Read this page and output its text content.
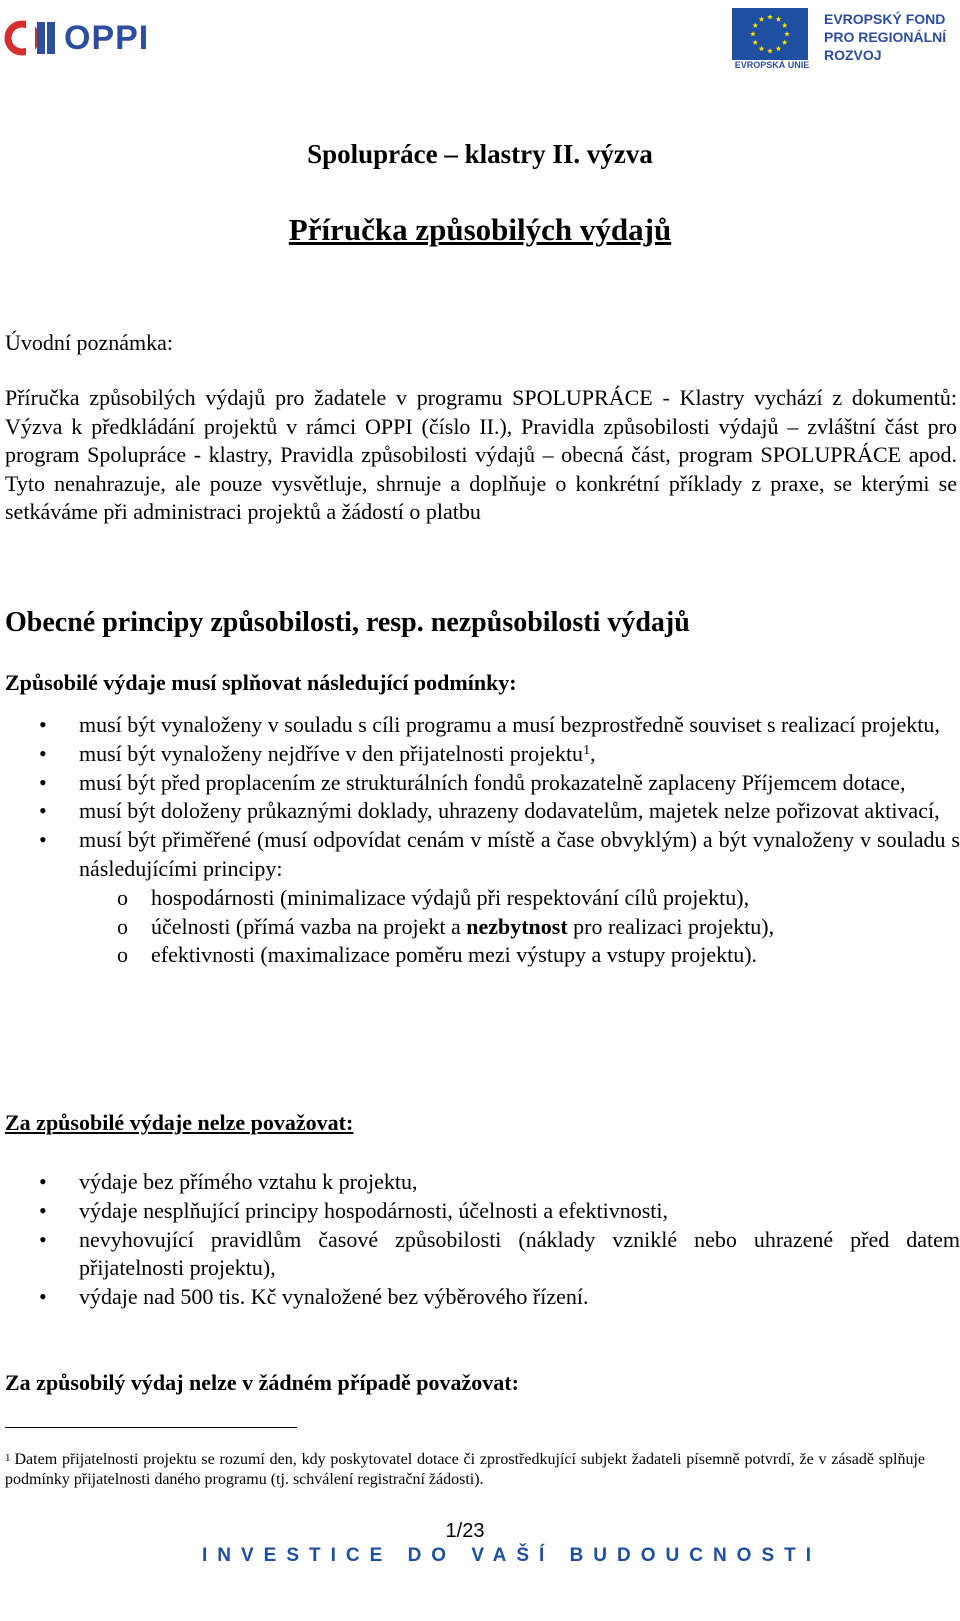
OPPI
EVROPSKÁ UNIE
EVROPSKÝ FOND
PRO REGIONÁLNÍ
ROZVOJ
Spolupráce – klastry II. výzva
Příručka způsobilých výdajů
Úvodní poznámka:
Příručka způsobilých výdajů pro žadatele v programu SPOLUPRÁCE - Klastry vychází z dokumentů: Výzva k předkládání projektů v rámci OPPI (číslo II.), Pravidla způsobilosti výdajů – zvláštní část pro program Spolupráce - klastry, Pravidla způsobilosti výdajů – obecná část, program SPOLUPRÁCE apod. Tyto nenahrazuje, ale pouze vysvětluje, shrnuje a doplňuje o konkrétní příklady z praxe, se kterými se setkáváme při administraci projektů a žádostí o platbu
Obecné principy způsobilosti, resp. nezpůsobilosti výdajů
Způsobilé výdaje musí splňovat následující podmínky:
• musí být vynaloženy v souladu s cíli programu a musí bezprostředně souviset s realizací projektu,
• musí být vynaloženy nejdříve v den přijatelnosti projektu$^1$,
• musí být před proplacením ze strukturálních fondů prokazatelně zaplaceny Příjemcem dotace,
• musí být doloženy průkaznými doklady, uhrazeny dodavatelům, majetek nelze pořizovat aktivací,
• musí být přiměřené (musí odpovídat cenám v místě a čase obvyklým) a být vynaloženy v souladu s následujícími principy:
o hospodárnosti (minimalizace výdajů při respektování cílů projektu),
o účelnosti (přímá vazba na projekt a nezbytnost pro realizaci projektu),
o efektivnosti (maximalizace poměru mezi výstupy a vstupy projektu).
Za způsobilé výdaje nelze považovat:
• výdaje bez přímého vztahu k projektu,
• výdaje nesplňující principy hospodárnosti, účelnosti a efektivnosti,
• nevyhovující pravidlům časové způsobilosti (náklady vzniklé nebo uhrazené před datem přijatelnosti projektu),
• výdaje nad 500 tis. Kč vynaložené bez výběrového řízení.
Za způsobilý výdaj nelze v žádném případě považovat:
$^1$ Datem přijatelnosti projektu se rozumí den, kdy poskytovatel dotace či zprostředkující subjekt žadateli písemně potvrdí, že v zásadě splňuje podmínky přijatelnosti daného programu (tj. schválení registrační žádosti).
1/23
INVESTICE DO VAŠÍ BUDOUCNOSTI
